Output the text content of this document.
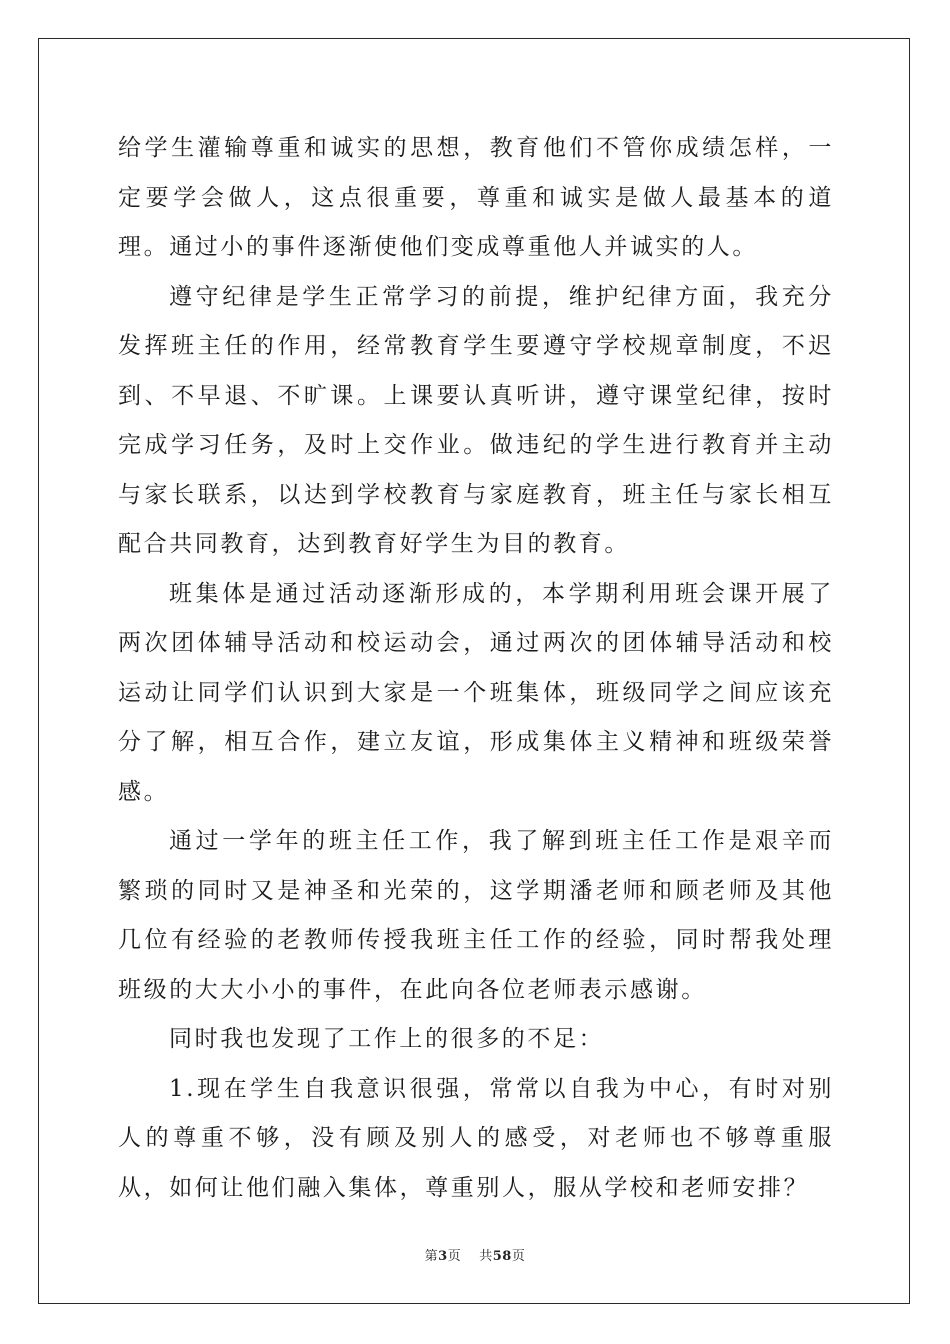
给学生灌输尊重和诚实的思想，教育他们不管你成绩怎样，一定要学会做人，这点很重要，尊重和诚实是做人最基本的道理。通过小的事件逐渐使他们变成尊重他人并诚实的人。

遵守纪律是学生正常学习的前提，维护纪律方面，我充分发挥班主任的作用，经常教育学生要遵守学校规章制度，不迟到、不早退、不旷课。上课要认真听讲，遵守课堂纪律，按时完成学习任务，及时上交作业。做违纪的学生进行教育并主动与家长联系，以达到学校教育与家庭教育，班主任与家长相互配合共同教育，达到教育好学生为目的教育。

班集体是通过活动逐渐形成的，本学期利用班会课开展了两次团体辅导活动和校运动会，通过两次的团体辅导活动和校运动让同学们认识到大家是一个班集体，班级同学之间应该充分了解，相互合作，建立友谊，形成集体主义精神和班级荣誉感。

通过一学年的班主任工作，我了解到班主任工作是艰辛而繁琐的同时又是神圣和光荣的，这学期潘老师和顾老师及其他几位有经验的老教师传授我班主任工作的经验，同时帮我处理班级的大大小小的事件，在此向各位老师表示感谢。

同时我也发现了工作上的很多的不足：

1.现在学生自我意识很强，常常以自我为中心，有时对别人的尊重不够，没有顾及别人的感受，对老师也不够尊重服从，如何让他们融入集体，尊重别人，服从学校和老师安排？

第3页 共58页
